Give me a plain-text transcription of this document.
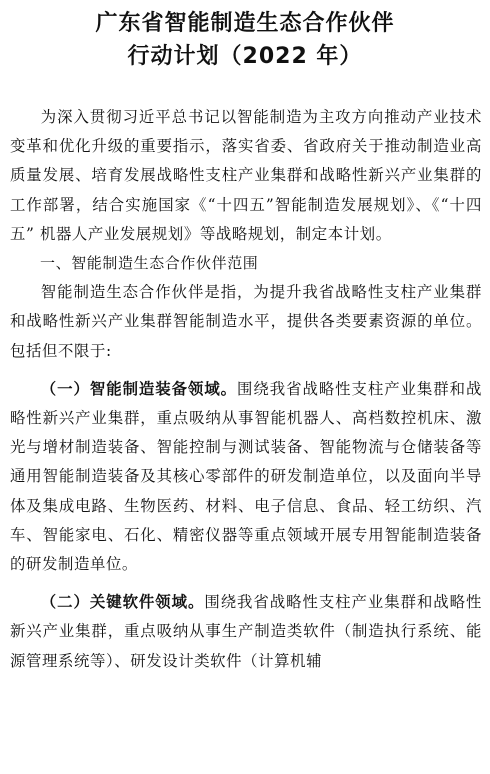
广东省智能制造生态合作伙伴

行动计划（2022 年）

为深入贯彻习近平总书记以智能制造为主攻方向推动产业技术变革和优化升级的重要指示，落实省委、省政府关于推动制造业高质量发展、培育发展战略性支柱产业集群和战略性新兴产业集群的工作部署，结合实施国家《“十四五”智能制造发展规划》、《“十四五” 机器人产业发展规划》等战略规划，制定本计划。

一、智能制造生态合作伙伴范围

智能制造生态合作伙伴是指，为提升我省战略性支柱产业集群和战略性新兴产业集群智能制造水平，提供各类要素资源的单位。包括但不限于:

（一）智能制造装备领域。围绕我省战略性支柱产业集群和战略性新兴产业集群，重点吸纳从事智能机器人、高档数控机床、激光与增材制造装备、智能控制与测试装备、智能物流与仓储装备等通用智能制造装备及其核心零部件的研发制造单位，以及面向半导体及集成电路、生物医药、材料、电子信息、食品、轻工纺织、汽车、智能家电、石化、精密仪器等重点领域开展专用智能制造装备的研发制造单位。

（二）关键软件领域。围绕我省战略性支柱产业集群和战略性新兴产业集群，重点吸纳从事生产制造类软件（制造执行系统、能源管理系统等）、研发设计类软件（计算机辅
